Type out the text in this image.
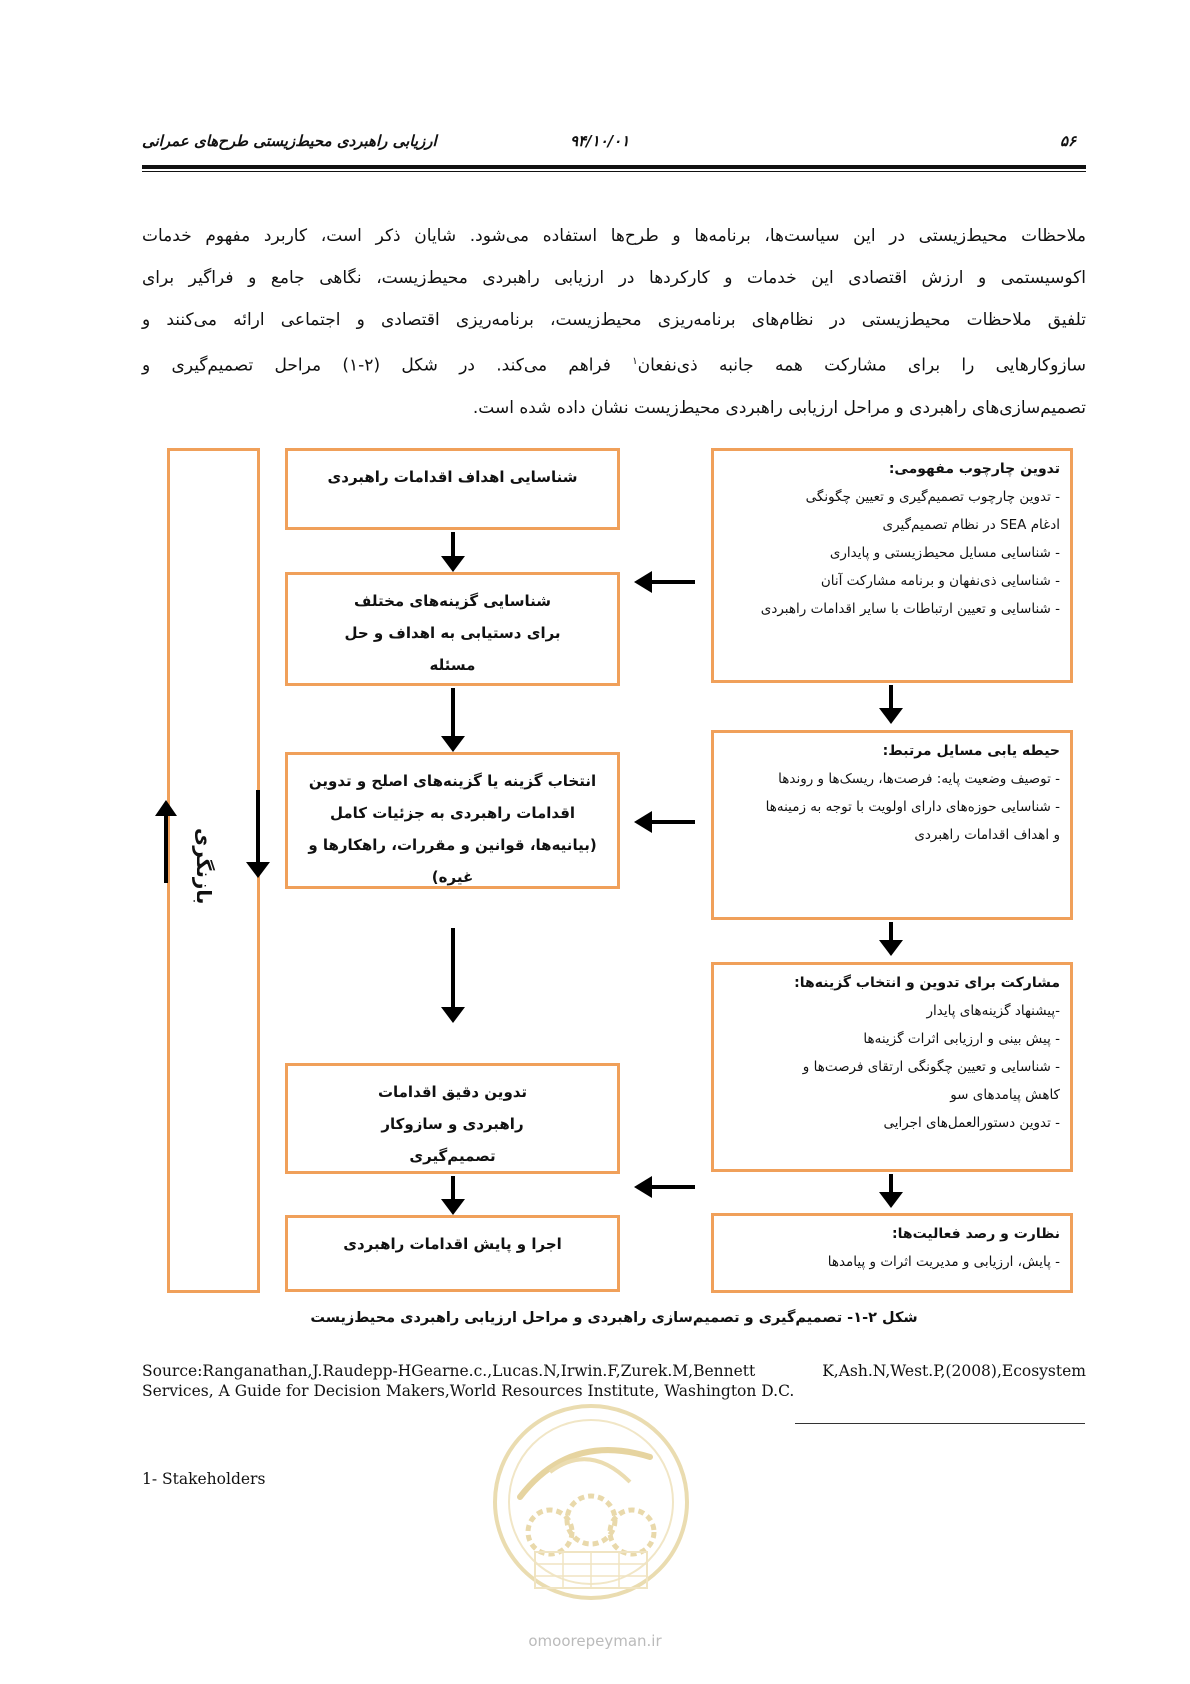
ارزیابی راهبردی محیط‌زیستی طرح‌های عمرانی	۹۴/۱۰/۰۱	۵۶

ملاحظات محیط‌زیستی در این سیاست‌ها، برنامه‌ها و طرح‌ها استفاده می‌شود. شایان ذکر است، کاربرد مفهوم خدمات

اکوسیستمی و ارزش اقتصادی این خدمات و کارکردها در ارزیابی راهبردی محیط‌زیست، نگاهی جامع و فراگیر برای

تلفیق ملاحظات محیط‌زیستی در نظام‌های برنامه‌ریزی محیط‌زیست، برنامه‌ریزی اقتصادی و اجتماعی ارائه می‌کنند و

سازوکارهایی را برای مشارکت همه جانبه ذی‌نفعان$^۱$ فراهم می‌کند. در شکل (۲-۱) مراحل تصمیم‌گیری و

تصمیم‌سازی‌های راهبردی و مراحل ارزیابی راهبردی محیط‌زیست نشان داده شده است.

بازنگری
شناسایی اهداف اقدامات راهبردی
شناسایی گزینه‌های مختلف برای دستیابی به اهداف و حل مسئله
انتخاب گزینه یا گزینه‌های اصلح و تدوین
اقدامات راهبردی به جزئیات کامل
(بیانیه‌ها، قوانین و مقررات، راهکارها و غیره)
تدوین دقیق اقدامات راهبردی و سازوکار تصمیم‌گیری
اجرا و پایش اقدامات راهبردی
تدوین چارچوب مفهومی:
- تدوین چارچوب تصمیم‌گیری و تعیین چگونگی
ادغام SEA در نظام تصمیم‌گیری
- شناسایی مسایل محیط‌زیستی و پایداری
- شناسایی ذی‌نفهان و برنامه مشارکت آنان
- شناسایی و تعیین ارتباطات با سایر اقدامات راهبردی
حیطه یابی مسایل مرتبط:
- توصیف وضعیت پایه: فرصت‌ها، ریسک‌ها و روندها
- شناسایی حوزه‌های دارای اولویت با توجه به زمینه‌ها
و اهداف اقدامات راهبردی
مشارکت برای تدوین و انتخاب گزینه‌ها:
-پیشنهاد گزینه‌های پایدار
- پیش بینی و ارزیابی اثرات گزینه‌ها
- شناسایی و تعیین چگونگی ارتقای فرصت‌ها و
کاهش پیامدهای سو
- تدوین دستورالعمل‌های اجرایی
نظارت و رصد فعالیت‌ها:
- پایش، ارزیابی و مدیریت اثرات و پیامدها
شکل ۲-۱- تصمیم‌گیری و تصمیم‌سازی راهبردی و مراحل ارزیابی راهبردی محیط‌زیست
Source:Ranganathan,J.Raudepp-HGearne.c.,Lucas.N,Irwin.F,Zurek.M,Bennett K,Ash.N,West.P,(2008),Ecosystem Services, A Guide for Decision Makers,World Resources Institute, Washington D.C.
1- Stakeholders
omoorepeyman.ir
